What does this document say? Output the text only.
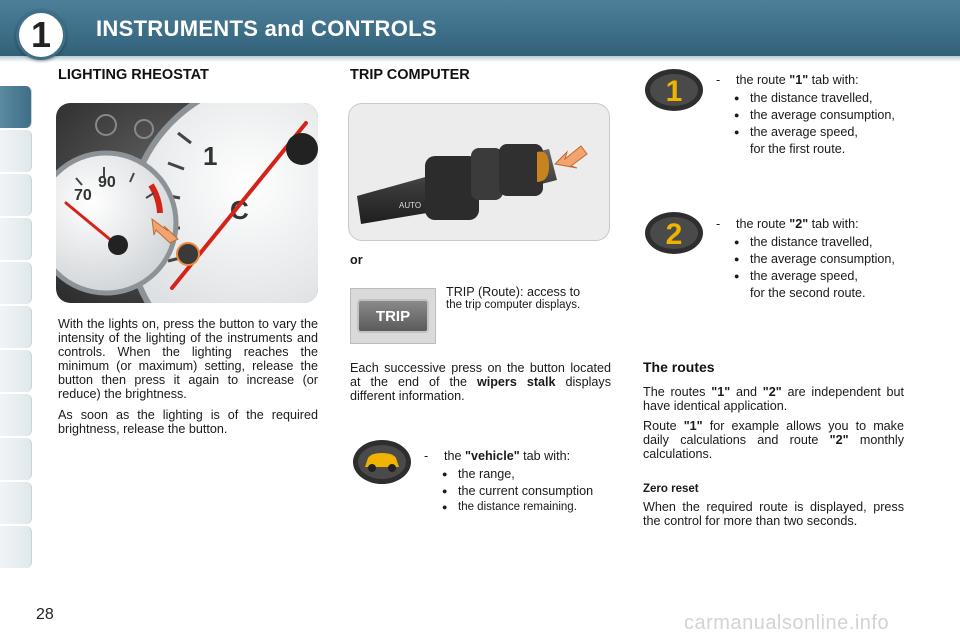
1	INSTRUMENTS and CONTROLS
LIGHTING RHEOSTAT
1
C
90
70
With the lights on, press the button to vary the intensity of the lighting of the instruments and controls. When the lighting reaches the minimum (or maximum) setting, release the button then press it again to increase (or reduce) the brightness.
As soon as the lighting is of the required brightness, release the button.
TRIP COMPUTER
AUTO
or
TRIP
TRIP (Route): access to
the trip computer displays.
Each successive press on the button located at the end of the wipers stalk displays different information.
- the "vehicle" tab with:
● the range,
● the current consumption
● the distance remaining.
1	- the route "1" tab with:
● the distance travelled,
● the average consumption,
● the average speed,
for the first route.
2	- the route "2" tab with:
● the distance travelled,
● the average consumption,
● the average speed,
for the second route.
The routes
The routes "1" and "2" are independent but have identical application.
Route "1" for example allows you to make daily calculations and route "2" monthly calculations.
Zero reset
When the required route is displayed, press the control for more than two seconds.
28	carmanualsonline.info
